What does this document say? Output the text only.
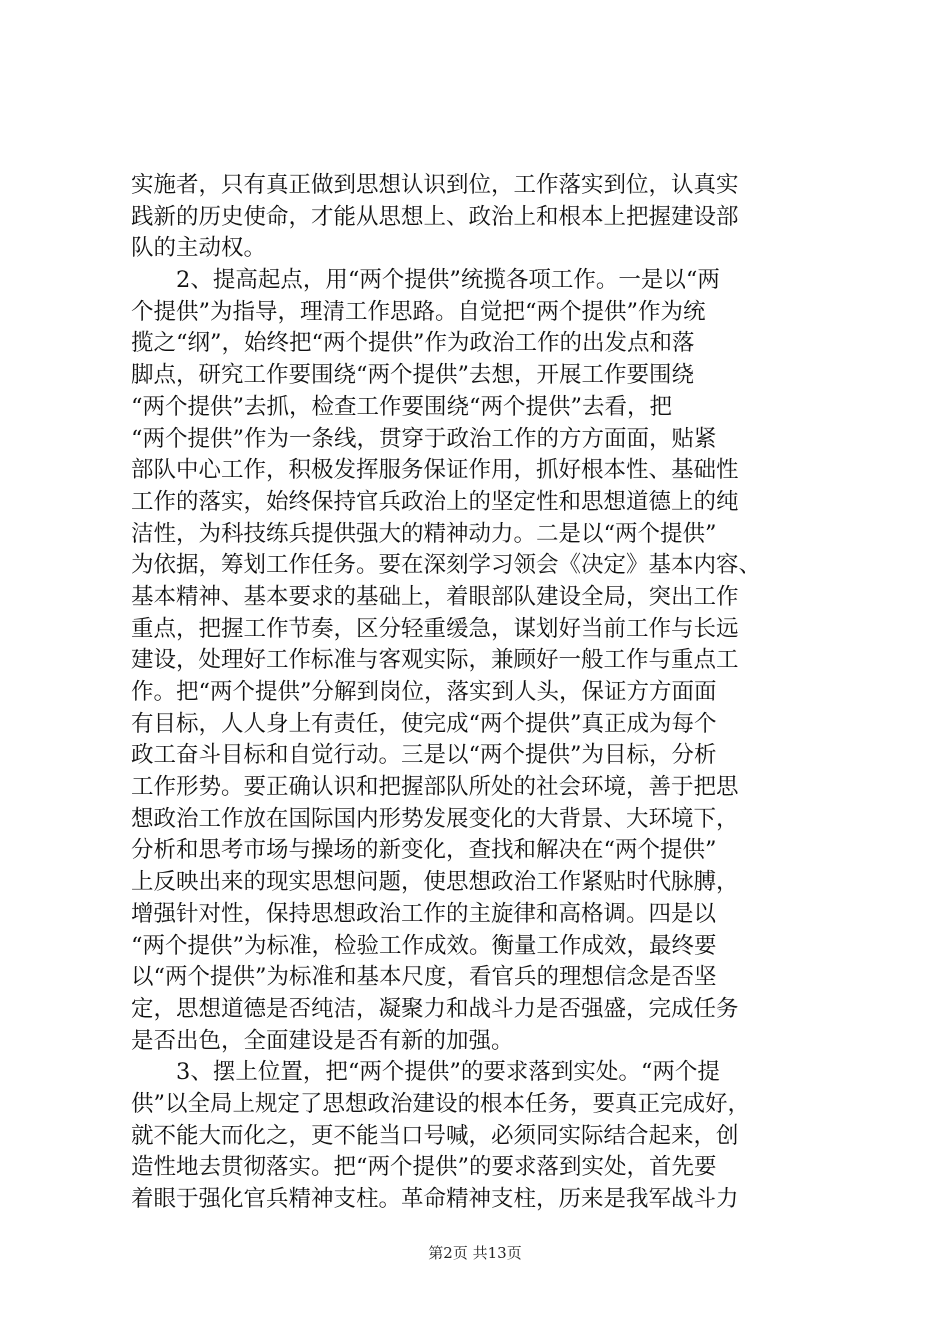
实施者，只有真正做到思想认识到位，工作落实到位，认真实
践新的历史使命，才能从思想上、政治上和根本上把握建设部
队的主动权。
2、提高起点，用“两个提供”统揽各项工作。一是以“两
个提供”为指导，理清工作思路。自觉把“两个提供”作为统
揽之“纲”，始终把“两个提供”作为政治工作的出发点和落
脚点，研究工作要围绕“两个提供”去想，开展工作要围绕
“两个提供”去抓，检查工作要围绕“两个提供”去看，把
“两个提供”作为一条线，贯穿于政治工作的方方面面，贴紧
部队中心工作，积极发挥服务保证作用，抓好根本性、基础性
工作的落实，始终保持官兵政治上的坚定性和思想道德上的纯
洁性，为科技练兵提供强大的精神动力。二是以“两个提供”
为依据，筹划工作任务。要在深刻学习领会《决定》基本内容、
基本精神、基本要求的基础上，着眼部队建设全局，突出工作
重点，把握工作节奏，区分轻重缓急，谋划好当前工作与长远
建设，处理好工作标准与客观实际，兼顾好一般工作与重点工
作。把“两个提供”分解到岗位，落实到人头，保证方方面面
有目标，人人身上有责任，使完成“两个提供”真正成为每个
政工奋斗目标和自觉行动。三是以“两个提供”为目标，分析
工作形势。要正确认识和把握部队所处的社会环境，善于把思
想政治工作放在国际国内形势发展变化的大背景、大环境下，
分析和思考市场与操场的新变化，查找和解决在“两个提供”
上反映出来的现实思想问题，使思想政治工作紧贴时代脉膊，
增强针对性，保持思想政治工作的主旋律和高格调。四是以
“两个提供”为标准，检验工作成效。衡量工作成效，最终要
以“两个提供”为标准和基本尺度，看官兵的理想信念是否坚
定，思想道德是否纯洁，凝聚力和战斗力是否强盛，完成任务
是否出色，全面建设是否有新的加强。
3、摆上位置，把“两个提供”的要求落到实处。“两个提
供”以全局上规定了思想政治建设的根本任务，要真正完成好，
就不能大而化之，更不能当口号喊，必须同实际结合起来，创
造性地去贯彻落实。把“两个提供”的要求落到实处，首先要
着眼于强化官兵精神支柱。革命精神支柱，历来是我军战斗力
第2页 共13页
